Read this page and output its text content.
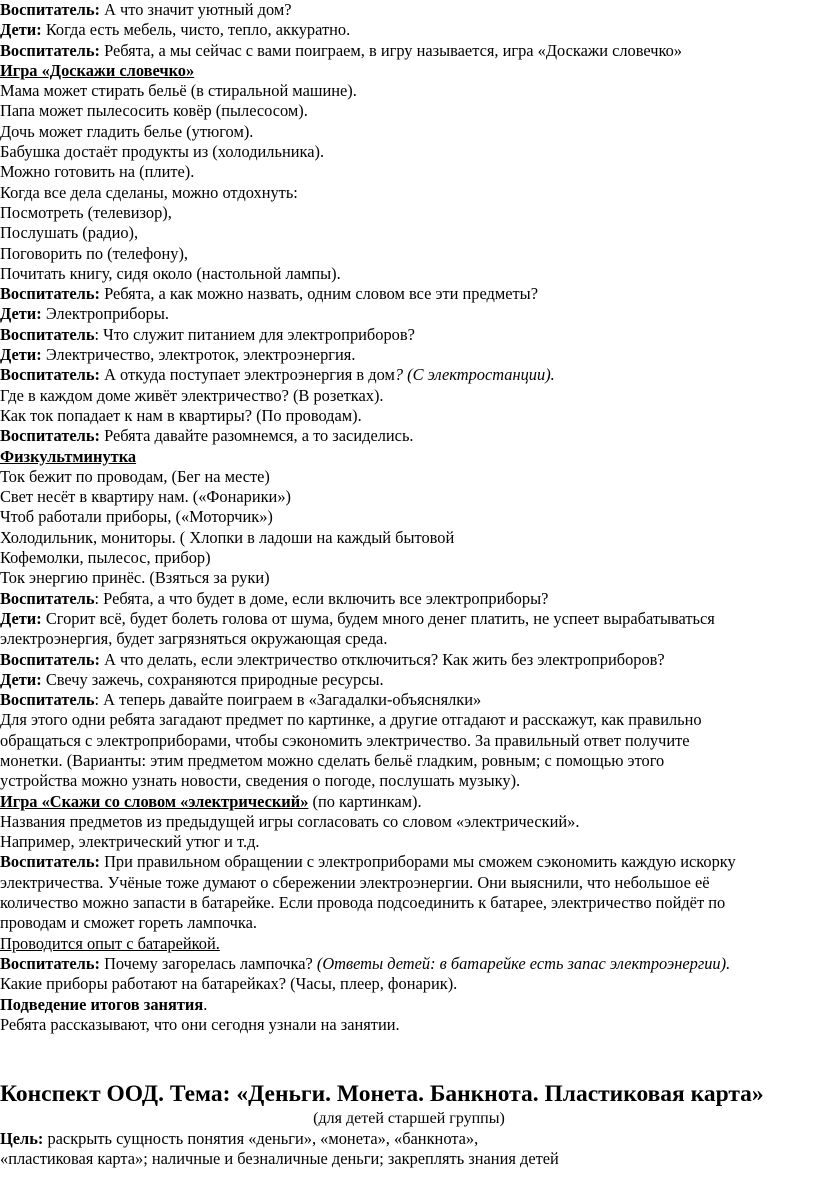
Воспитатель: А что значит уютный дом?
Дети: Когда есть мебель, чисто, тепло, аккуратно.
Воспитатель: Ребята, а мы сейчас с вами поиграем, в игру называется, игра «Доскажи словечко»
Игра «Доскажи словечко»
Мама может стирать бельё (в стиральной машине).
Папа может пылесосить ковёр (пылесосом).
Дочь может гладить белье (утюгом).
Бабушка достаёт продукты из (холодильника).
Можно готовить на (плите).
Когда все дела сделаны, можно отдохнуть:
Посмотреть (телевизор),
Послушать (радио),
Поговорить по (телефону),
Почитать книгу, сидя около (настольной лампы).
Воспитатель: Ребята, а как можно назвать, одним словом все эти предметы?
Дети: Электроприборы.
Воспитатель: Что служит питанием для электроприборов?
Дети: Электричество, электроток, электроэнергия.
Воспитатель: А откуда поступает электроэнергия в дом? (С электростанции).
Где в каждом доме живёт электричество? (В розетках).
Как ток попадает к нам в квартиры? (По проводам).
Воспитатель: Ребята давайте разомнемся, а то засиделись.
Физкультминутка
Ток бежит по проводам, (Бег на месте)
Свет несёт в квартиру нам. («Фонарики»)
Чтоб работали приборы, («Моторчик»)
Холодильник, мониторы. ( Хлопки в ладоши на каждый бытовой
Кофемолки, пылесос, прибор)
Ток энергию принёс. (Взяться за руки)
Воспитатель: Ребята, а что будет в доме, если включить все электроприборы?
Дети: Сгорит всё, будет болеть голова от шума, будем много денег платить, не успеет вырабатываться
электроэнергия, будет загрязняться окружающая среда.
Воспитатель: А что делать, если электричество отключиться? Как жить без электроприборов?
Дети: Свечу зажечь, сохраняются природные ресурсы.
Воспитатель: А теперь давайте поиграем в «Загадалки-объяснялки»
Для этого одни ребята загадают предмет по картинке, а другие отгадают и расскажут, как правильно
обращаться с электроприборами, чтобы сэкономить электричество. За правильный ответ получите
монетки. (Варианты: этим предметом можно сделать бельё гладким, ровным; с помощью этого
устройства можно узнать новости, сведения о погоде, послушать музыку).
Игра «Скажи со словом «электрический» (по картинкам).
Названия предметов из предыдущей игры согласовать со словом «электрический».
Например, электрический утюг и т.д.
Воспитатель: При правильном обращении с электроприборами мы сможем сэкономить каждую искорку
электричества. Учёные тоже думают о сбережении электроэнергии. Они выяснили, что небольшое её
количество можно запасти в батарейке. Если провода подсоединить к батарее, электричество пойдёт по
проводам и сможет гореть лампочка.
Проводится опыт с батарейкой.
Воспитатель: Почему загорелась лампочка? (Ответы детей: в батарейке есть запас электроэнергии).
Какие приборы работают на батарейках? (Часы, плеер, фонарик).
Подведение итогов занятия.
Ребята рассказывают, что они сегодня узнали на занятии.
Конспект ООД. Тема: «Деньги. Монета. Банкнота. Пластиковая карта»
(для детей старшей группы)
Цель: раскрыть сущность понятия «деньги», «монета», «банкнота»,
«пластиковая карта»; наличные и безналичные деньги; закреплять знания детей
